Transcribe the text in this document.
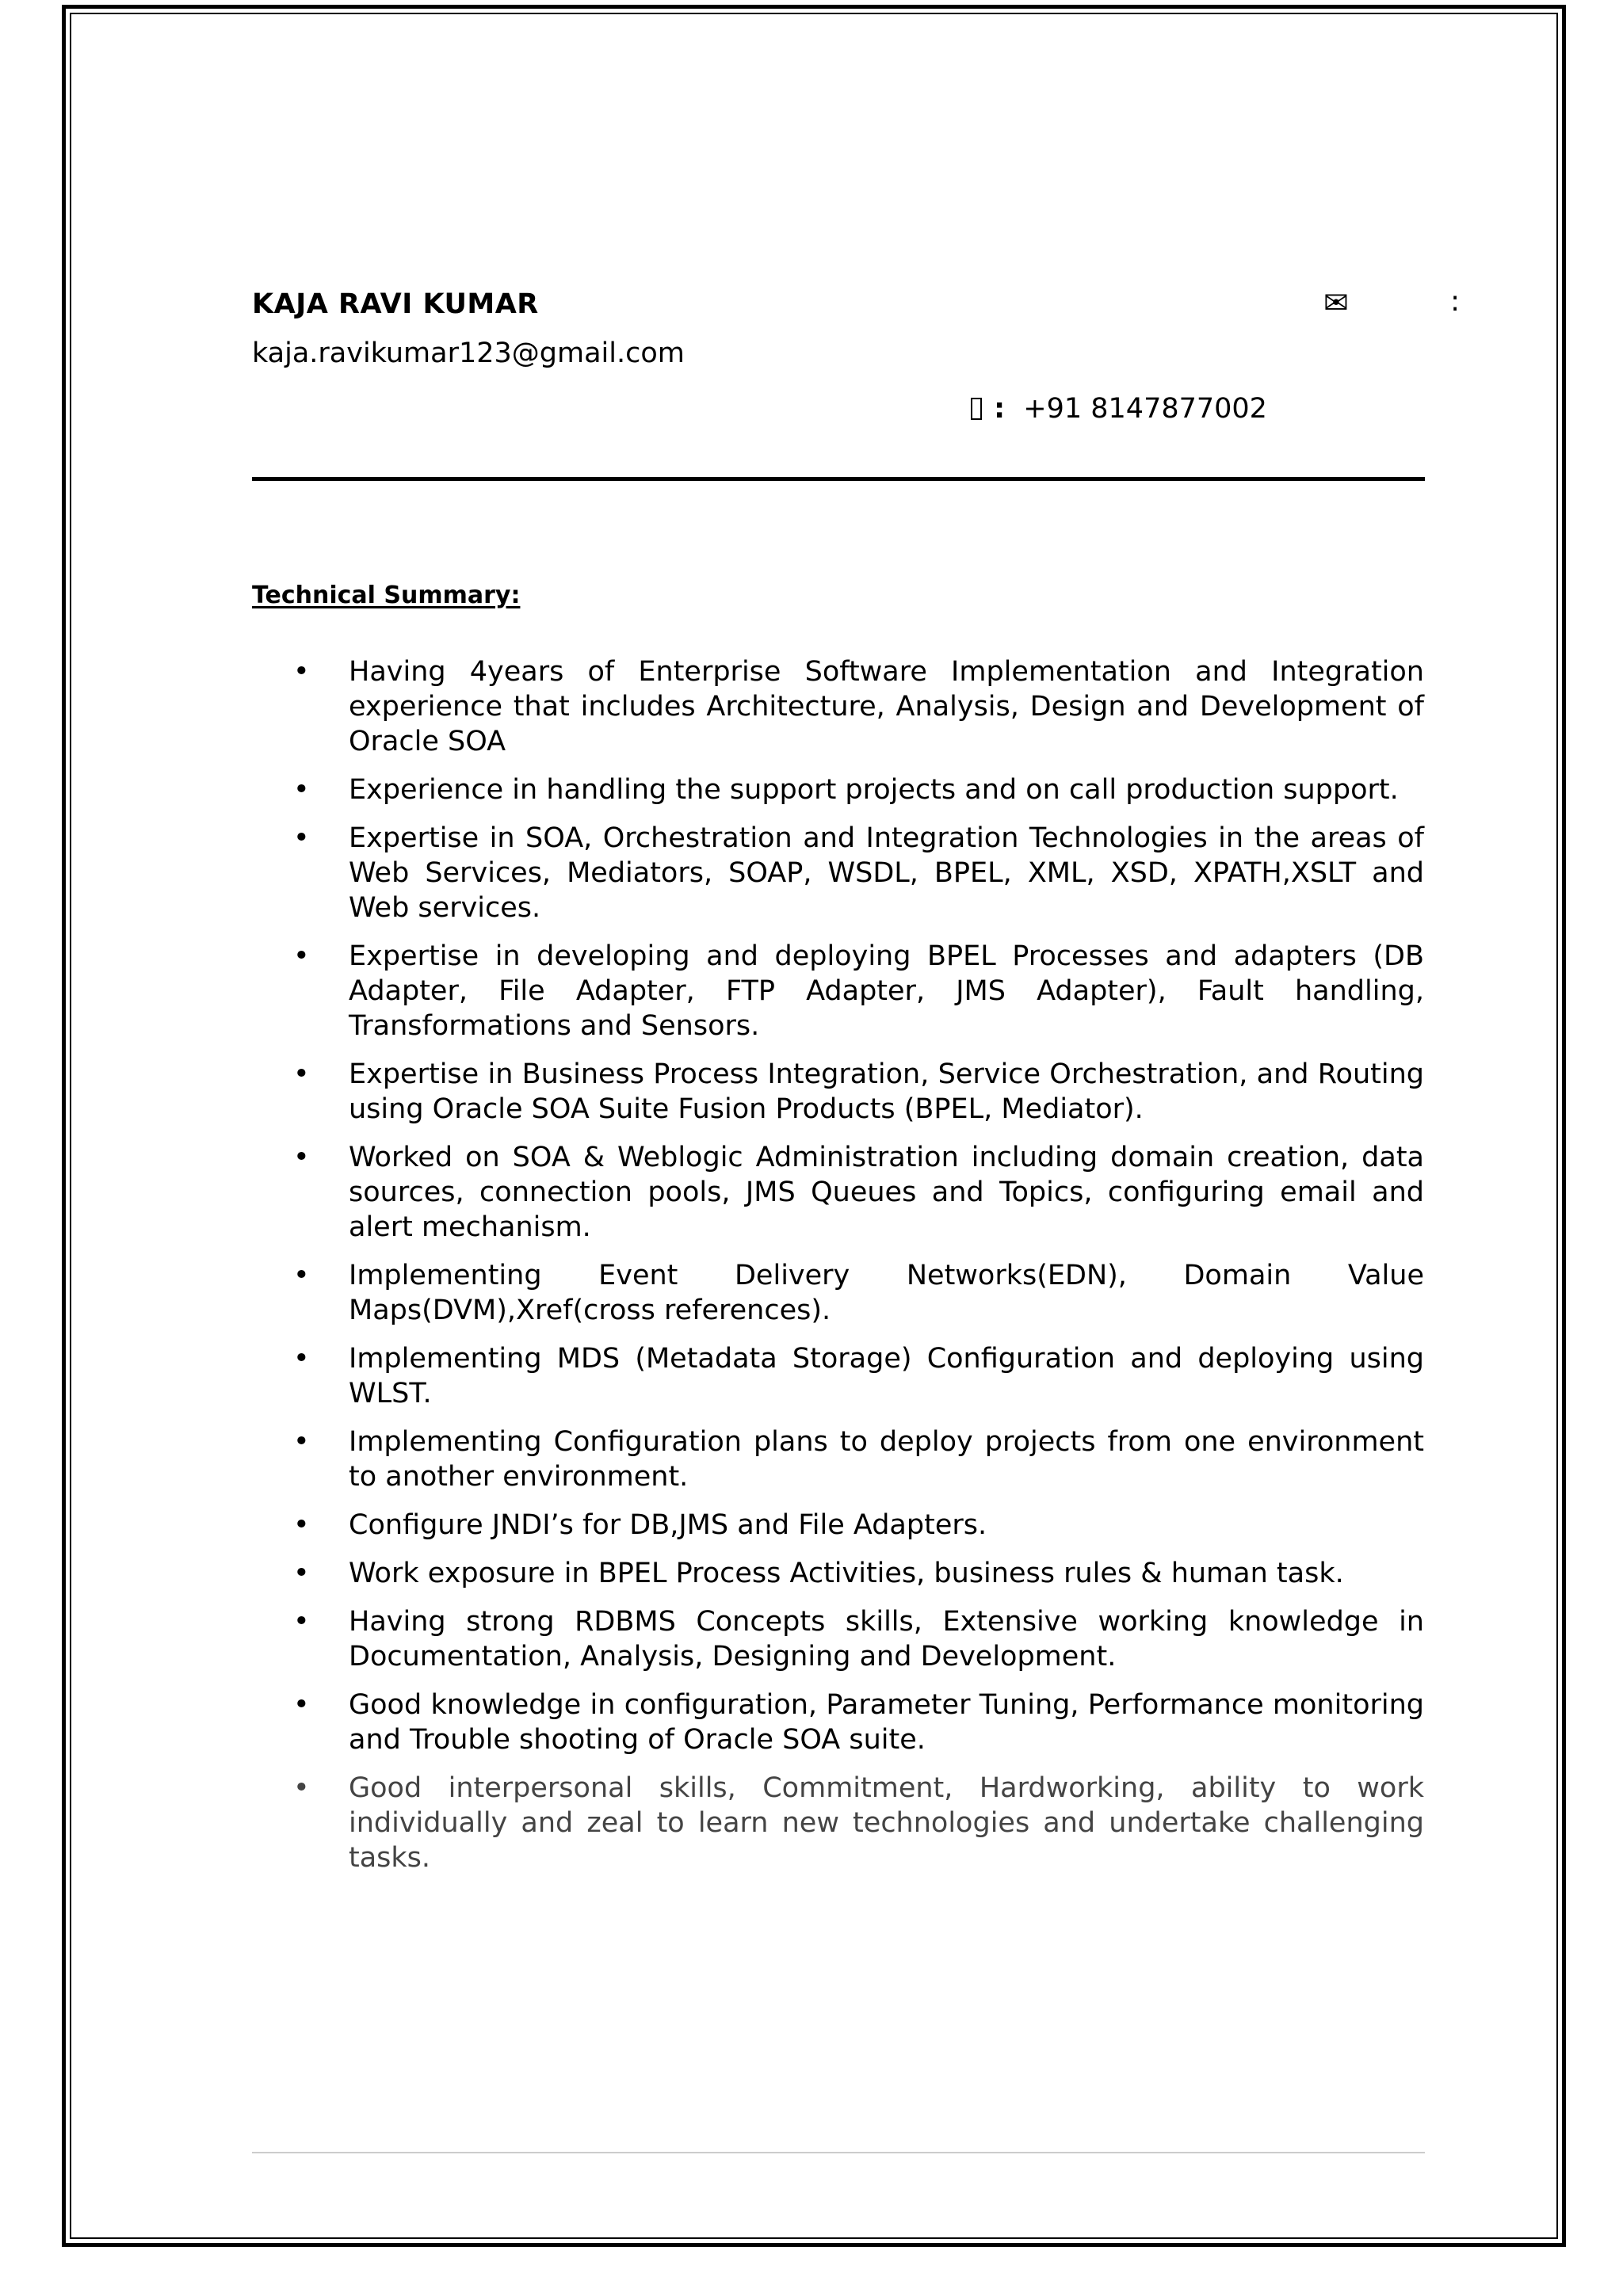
KAJA RAVI KUMAR	✉	:
kaja.ravikumar123@gmail.com
: +91 8147877002
Technical Summary:
• Having 4years of Enterprise Software Implementation and Integration experience that includes Architecture, Analysis, Design and Development of Oracle SOA
• Experience in handling the support projects and on call production support.
• Expertise in SOA, Orchestration and Integration Technologies in the areas of Web Services, Mediators, SOAP, WSDL, BPEL, XML, XSD, XPATH,XSLT and Web services.
• Expertise in developing and deploying BPEL Processes and adapters (DB Adapter, File Adapter, FTP Adapter, JMS Adapter), Fault handling, Transformations and Sensors.
• Expertise in Business Process Integration, Service Orchestration, and Routing using Oracle SOA Suite Fusion Products (BPEL, Mediator).
• Worked on SOA & Weblogic Administration including domain creation, data sources, connection pools, JMS Queues and Topics, configuring email and alert mechanism.
• Implementing Event Delivery Networks(EDN), Domain Value Maps(DVM),Xref(cross references).
• Implementing MDS (Metadata Storage) Configuration and deploying using WLST.
• Implementing Configuration plans to deploy projects from one environment to another environment.
• Configure JNDI’s for DB,JMS and File Adapters.
• Work exposure in BPEL Process Activities, business rules & human task.
• Having strong RDBMS Concepts skills, Extensive working knowledge in Documentation, Analysis, Designing and Development.
• Good knowledge in configuration, Parameter Tuning, Performance monitoring and Trouble shooting of Oracle SOA suite.
• Good interpersonal skills, Commitment, Hardworking, ability to work individually and zeal to learn new technologies and undertake challenging tasks.
